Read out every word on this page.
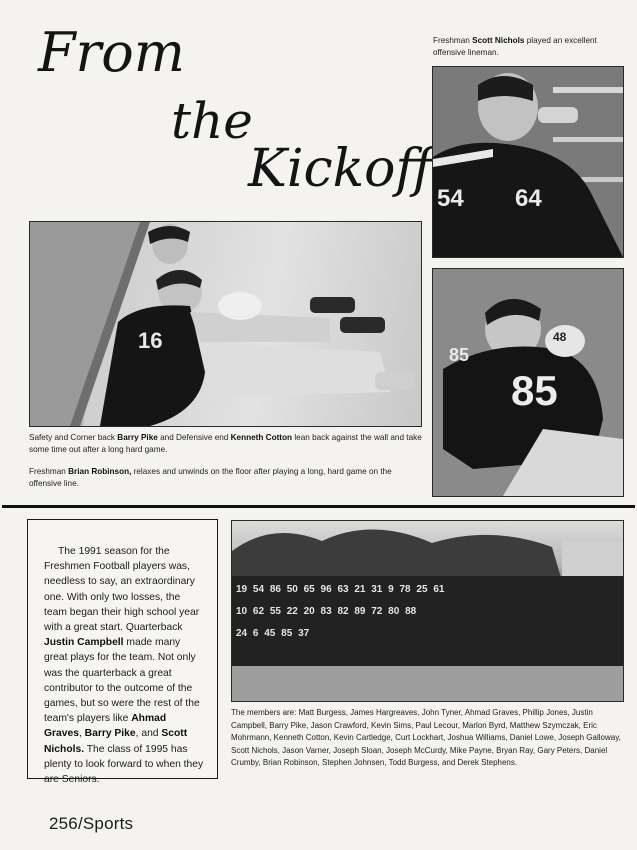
From
the
Kickoff
Freshman Scott Nichols played an excellent offensive lineman.
54 64
16
85
85
48
Safety and Corner back Barry Pike and Defensive end Kenneth Cotton lean back against the wall and take some time out after a long hard game.
Freshman Brian Robinson, relaxes and unwinds on the floor after playing a long, hard game on the offensive line.
The 1991 season for the Freshmen Football players was, needless to say, an extraordinary one. With only two losses, the team began their high school year with a great start. Quarterback Justin Campbell made many great plays for the team. Not only was the quarterback a great contributor to the outcome of the games, but so were the rest of the team's players like Ahmad Graves, Barry Pike, and Scott Nichols. The class of 1995 has plenty to look forward to when they are Seniors.
19 54 86 50 65 96 63 21 31 9 78 25 61
10 62 55 22 20 83 82 89 72 80 88
24 6 45 85 37
The members are: Matt Burgess, James Hargreaves, John Tyner, Ahmad Graves, Phillip Jones, Justin Campbell, Barry Pike, Jason Crawford, Kevin Sims, Paul Lecour, Marlon Byrd, Matthew Szymczak, Eric Mohrmann, Kenneth Cotton, Kevin Cartledge, Curt Lockhart, Joshua Williams, Daniel Lowe, Joseph Galloway, Scott Nichols, Jason Varner, Joseph Sloan, Joseph McCurdy, Mike Payne, Bryan Ray, Gary Peters, Daniel Crumby, Brian Robinson, Stephen Johnsen, Todd Burgess, and Derek Stephens.
256/Sports
